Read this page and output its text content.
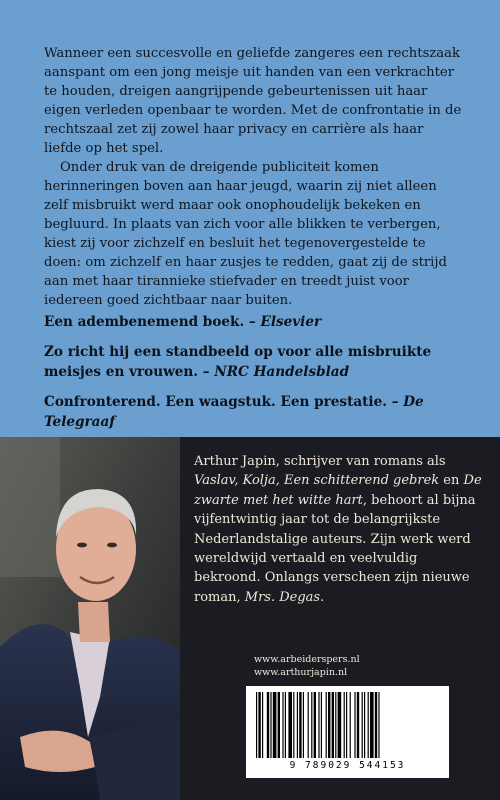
Wanneer een succesvolle en geliefde zangeres een rechtszaak aanspant om een jong meisje uit handen van een verkrachter te houden, dreigen aangrijpende gebeurtenissen uit haar eigen verleden openbaar te worden. Met de confrontatie in de rechtszaal zet zij zowel haar privacy en carrière als haar liefde op het spel.

Onder druk van de dreigende publiciteit komen herinneringen boven aan haar jeugd, waarin zij niet alleen zelf misbruikt werd maar ook onophoudelijk bekeken en begluurd. In plaats van zich voor alle blikken te verbergen, kiest zij voor zichzelf en besluit het tegenovergestelde te doen: om zichzelf en haar zusjes te redden, gaat zij de strijd aan met haar tirannieke stiefvader en treedt juist voor iedereen goed zichtbaar naar buiten.

Een adembenemend boek. – Elsevier

Zo richt hij een standbeeld op voor alle misbruikte meisjes en vrouwen. – NRC Handelsblad

Confronterend. Een waagstuk. Een prestatie. – De Telegraaf

Arthur Japin, schrijver van romans als Vaslav, Kolja, Een schitterend gebrek en De zwarte met het witte hart, behoort al bijna vijfentwintig jaar tot de belangrijkste Nederlandstalige auteurs. Zijn werk werd wereldwijd vertaald en veelvuldig bekroond. Onlangs verscheen zijn nieuwe roman, Mrs. Degas.
www.arbeiderspers.nl
www.arthurjapin.nl
9 789029 544153
